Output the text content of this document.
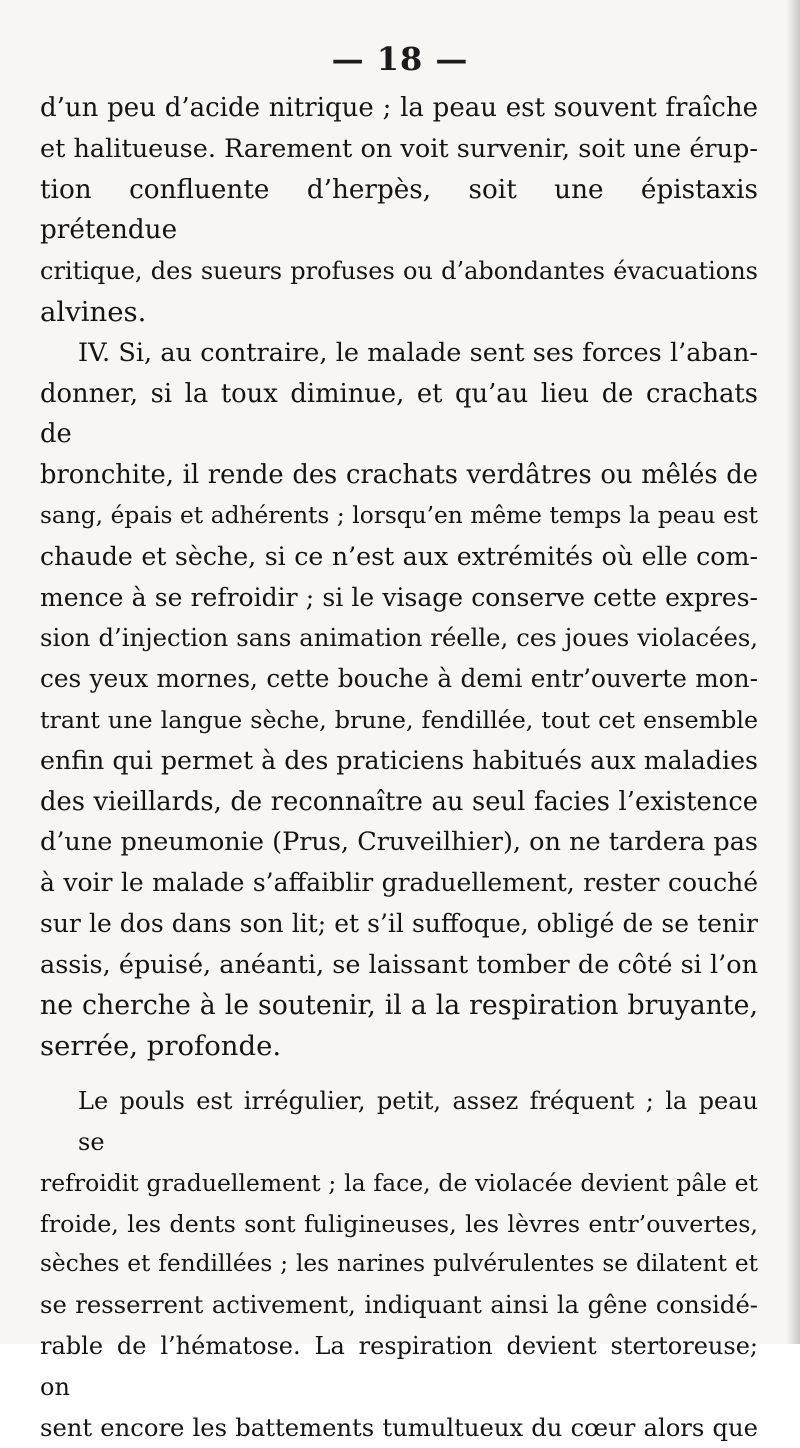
— 18 —

d’un peu d’acide nitrique ; la peau est souvent fraîche
et halitueuse. Rarement on voit survenir, soit une érup-
tion confluente d’herpès, soit une épistaxis prétendue
critique, des sueurs profuses ou d’abondantes évacuations
alvines.

IV. Si, au contraire, le malade sent ses forces l’aban-
donner, si la toux diminue, et qu’au lieu de crachats de
bronchite, il rende des crachats verdâtres ou mêlés de
sang, épais et adhérents ; lorsqu’en même temps la peau est
chaude et sèche, si ce n’est aux extrémités où elle com-
mence à se refroidir ; si le visage conserve cette expres-
sion d’injection sans animation réelle, ces joues violacées,
ces yeux mornes, cette bouche à demi entr’ouverte mon-
trant une langue sèche, brune, fendillée, tout cet ensemble
enfin qui permet à des praticiens habitués aux maladies
des vieillards, de reconnaître au seul facies l’existence
d’une pneumonie (Prus, Cruveilhier), on ne tardera pas
à voir le malade s’affaiblir graduellement, rester couché
sur le dos dans son lit; et s’il suffoque, obligé de se tenir
assis, épuisé, anéanti, se laissant tomber de côté si l’on
ne cherche à le soutenir, il a la respiration bruyante,
serrée, profonde.

Le pouls est irrégulier, petit, assez fréquent ; la peau se
refroidit graduellement ; la face, de violacée devient pâle et
froide, les dents sont fuligineuses, les lèvres entr’ouvertes,
sèches et fendillées ; les narines pulvérulentes se dilatent et
se resserrent activement, indiquant ainsi la gêne considé-
rable de l’hématose. La respiration devient stertoreuse; on
sent encore les battements tumultueux du cœur alors que
